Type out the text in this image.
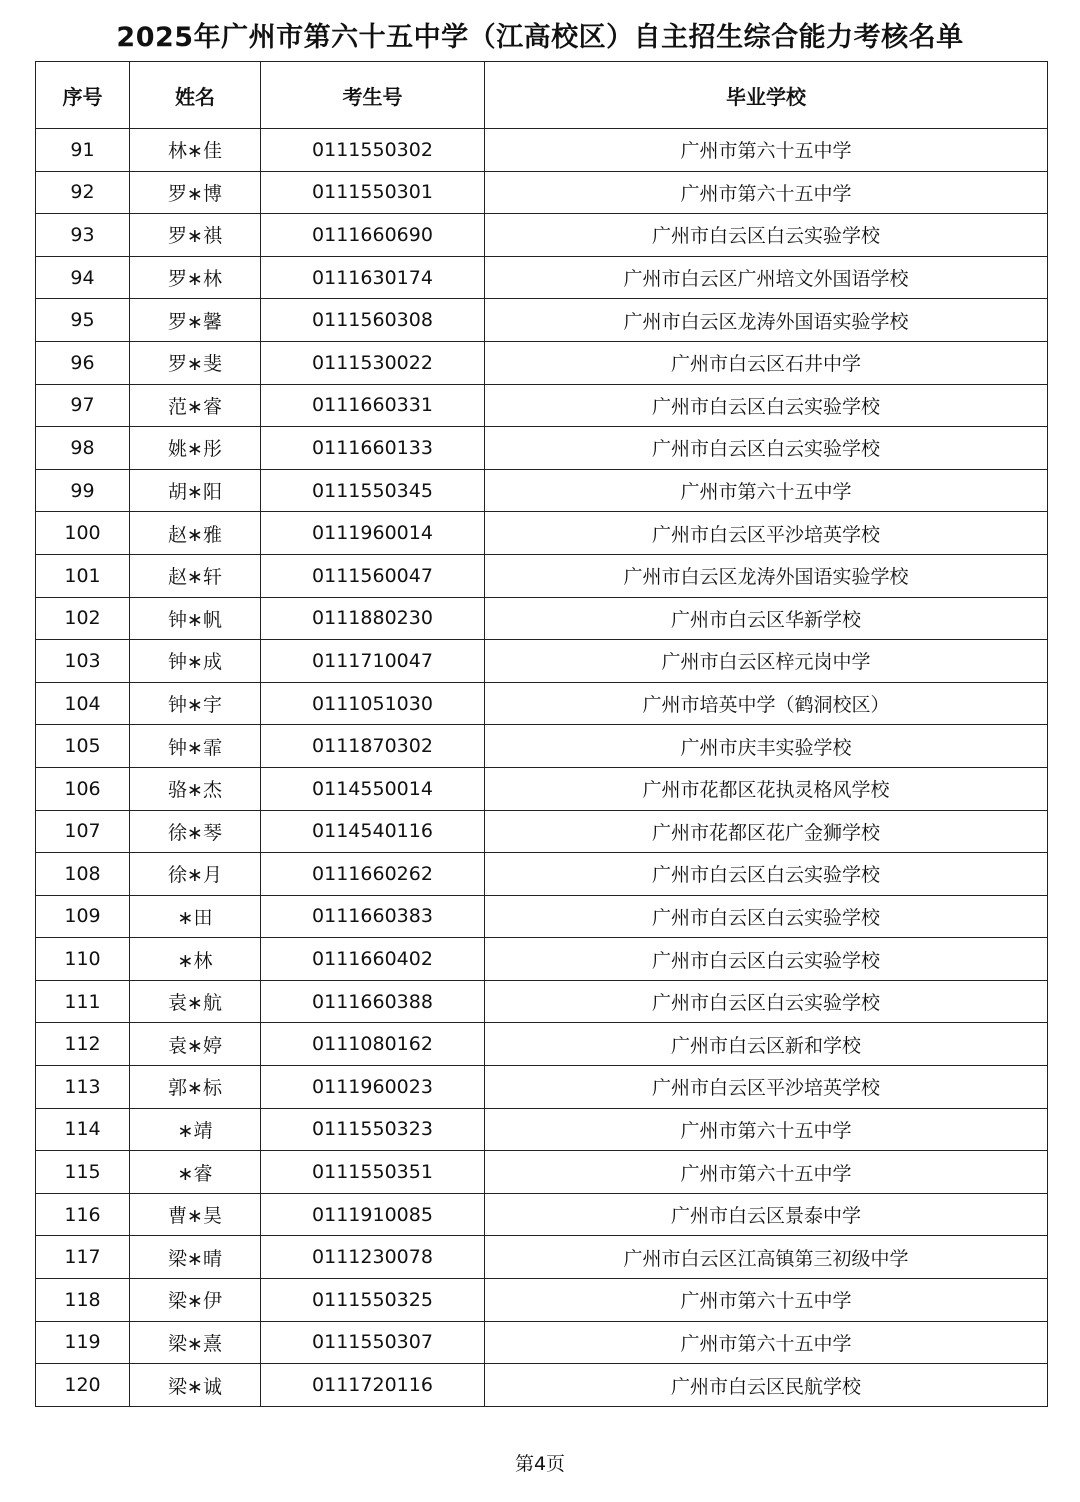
2025年广州市第六十五中学（江高校区）自主招生综合能力考核名单
序号	姓名	考生号	毕业学校
91	林∗佳	0111550302	广州市第六十五中学
92	罗∗博	0111550301	广州市第六十五中学
93	罗∗祺	0111660690	广州市白云区白云实验学校
94	罗∗林	0111630174	广州市白云区广州培文外国语学校
95	罗∗馨	0111560308	广州市白云区龙涛外国语实验学校
96	罗∗斐	0111530022	广州市白云区石井中学
97	范∗睿	0111660331	广州市白云区白云实验学校
98	姚∗彤	0111660133	广州市白云区白云实验学校
99	胡∗阳	0111550345	广州市第六十五中学
100	赵∗雅	0111960014	广州市白云区平沙培英学校
101	赵∗轩	0111560047	广州市白云区龙涛外国语实验学校
102	钟∗帆	0111880230	广州市白云区华新学校
103	钟∗成	0111710047	广州市白云区梓元岗中学
104	钟∗宇	0111051030	广州市培英中学（鹤洞校区）
105	钟∗霏	0111870302	广州市庆丰实验学校
106	骆∗杰	0114550014	广州市花都区花执灵格风学校
107	徐∗琴	0114540116	广州市花都区花广金狮学校
108	徐∗月	0111660262	广州市白云区白云实验学校
109	∗田	0111660383	广州市白云区白云实验学校
110	∗林	0111660402	广州市白云区白云实验学校
111	袁∗航	0111660388	广州市白云区白云实验学校
112	袁∗婷	0111080162	广州市白云区新和学校
113	郭∗标	0111960023	广州市白云区平沙培英学校
114	∗靖	0111550323	广州市第六十五中学
115	∗睿	0111550351	广州市第六十五中学
116	曹∗昊	0111910085	广州市白云区景泰中学
117	梁∗晴	0111230078	广州市白云区江高镇第三初级中学
118	梁∗伊	0111550325	广州市第六十五中学
119	梁∗熹	0111550307	广州市第六十五中学
120	梁∗诚	0111720116	广州市白云区民航学校
第4页
